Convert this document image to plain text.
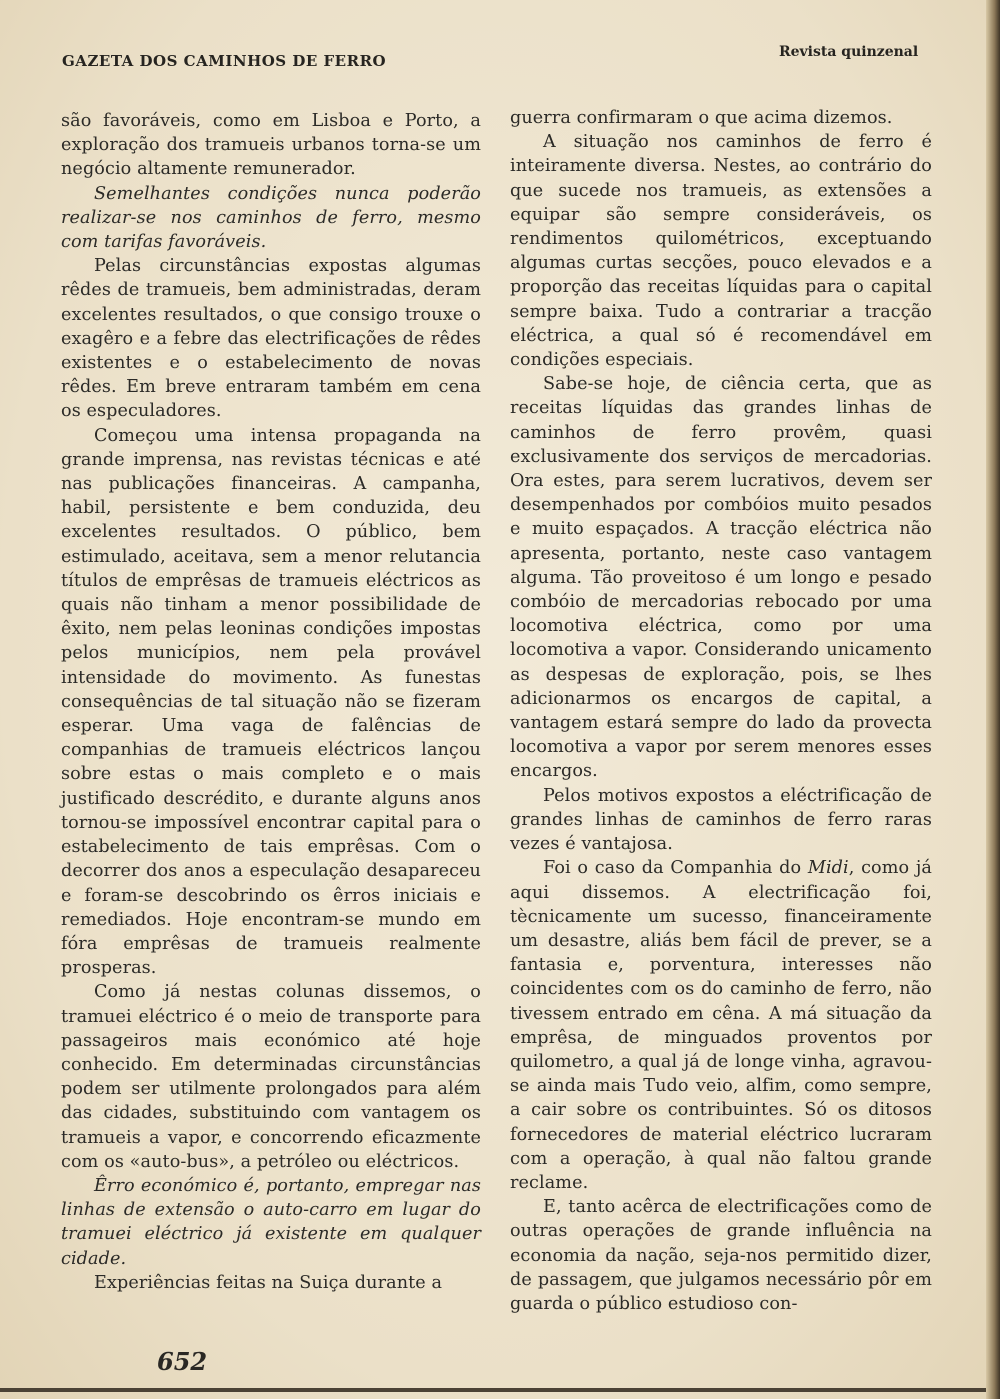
GAZETA DOS CAMINHOS DE FERRO	Revista quinzenal

são favoráveis, como em Lisboa e Porto, a exploração dos tramueis urbanos torna-se um negócio altamente remunerador.

Semelhantes condições nunca poderão realizar-se nos caminhos de ferro, mesmo com tarifas favoráveis.

Pelas circunstâncias expostas algumas rêdes de tramueis, bem administradas, deram excelentes resultados, o que consigo trouxe o exagêro e a febre das electrificações de rêdes existentes e o estabelecimento de novas rêdes. Em breve entraram também em cena os especuladores.

Começou uma intensa propaganda na grande imprensa, nas revistas técnicas e até nas publicações financeiras. A campanha, habil, persistente e bem conduzida, deu excelentes resultados. O público, bem estimulado, aceitava, sem a menor relutancia títulos de emprêsas de tramueis eléctricos as quais não tinham a menor possibilidade de êxito, nem pelas leoninas condições impostas pelos municípios, nem pela provável intensidade do movimento. As funestas consequências de tal situação não se fizeram esperar. Uma vaga de falências de companhias de tramueis eléctricos lançou sobre estas o mais completo e o mais justificado descrédito, e durante alguns anos tornou-se impossível encontrar capital para o estabelecimento de tais emprêsas. Com o decorrer dos anos a especulação desapareceu e foram-se descobrindo os êrros iniciais e remediados. Hoje encontram-se mundo em fóra emprêsas de tramueis realmente prosperas.

Como já nestas colunas dissemos, o tramuei eléctrico é o meio de transporte para passageiros mais económico até hoje conhecido. Em determinadas circunstâncias podem ser utilmente prolongados para além das cidades, substituindo com vantagem os tramueis a vapor, e concorrendo eficazmente com os «auto-bus», a petróleo ou eléctricos.

Êrro económico é, portanto, empregar nas linhas de extensão o auto-carro em lugar do tramuei eléctrico já existente em qualquer cidade.

Experiências feitas na Suiça durante a

guerra confirmaram o que acima dizemos.

A situação nos caminhos de ferro é inteiramente diversa. Nestes, ao contrário do que sucede nos tramueis, as extensões a equipar são sempre consideráveis, os rendimentos quilométricos, exceptuando algumas curtas secções, pouco elevados e a proporção das receitas líquidas para o capital sempre baixa. Tudo a contrariar a tracção eléctrica, a qual só é recomendável em condições especiais.

Sabe-se hoje, de ciência certa, que as receitas líquidas das grandes linhas de caminhos de ferro provêm, quasi exclusivamente dos serviços de mercadorias. Ora estes, para serem lucrativos, devem ser desempenhados por combóios muito pesados e muito espaçados. A tracção eléctrica não apresenta, portanto, neste caso vantagem alguma. Tão proveitoso é um longo e pesado combóio de mercadorias rebocado por uma locomotiva eléctrica, como por uma locomotiva a vapor. Considerando unicamento as despesas de exploração, pois, se lhes adicionarmos os encargos de capital, a vantagem estará sempre do lado da provecta locomotiva a vapor por serem menores esses encargos.

Pelos motivos expostos a eléctrificação de grandes linhas de caminhos de ferro raras vezes é vantajosa.

Foi o caso da Companhia do Midi, como já aqui dissemos. A electrificação foi, tècnicamente um sucesso, financeiramente um desastre, aliás bem fácil de prever, se a fantasia e, porventura, interesses não coincidentes com os do caminho de ferro, não tivessem entrado em cêna. A má situação da emprêsa, de minguados proventos por quilometro, a qual já de longe vinha, agravou-se ainda mais Tudo veio, alfim, como sempre, a cair sobre os contribuintes. Só os ditosos fornecedores de material eléctrico lucraram com a operação, à qual não faltou grande reclame.

E, tanto acêrca de electrificações como de outras operações de grande influência na economia da nação, seja-nos permitido dizer, de passagem, que julgamos necessário pôr em guarda o público estudioso con-

652
